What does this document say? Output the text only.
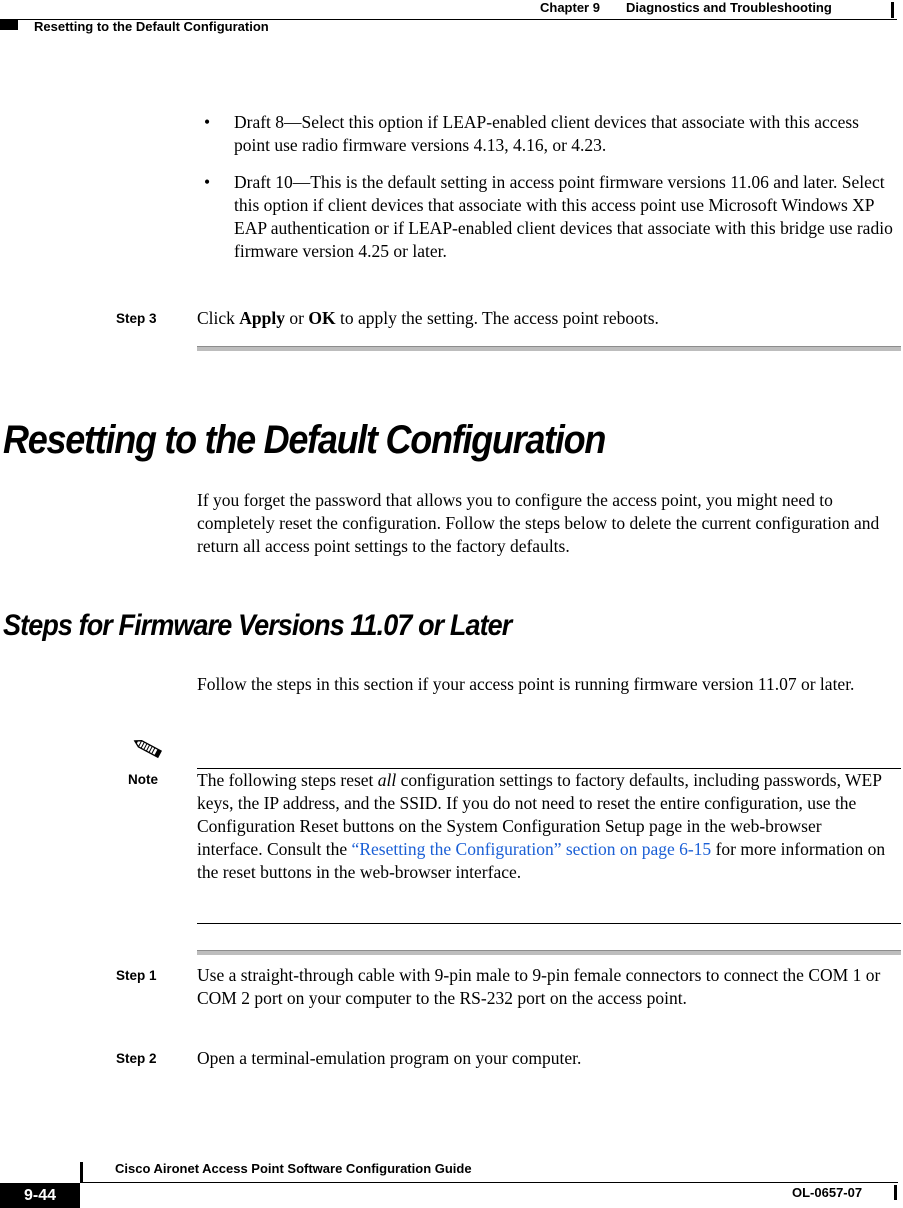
Chapter 9 Diagnostics and Troubleshooting
Resetting to the Default Configuration
• Draft 8—Select this option if LEAP-enabled client devices that associate with this access point use radio firmware versions 4.13, 4.16, or 4.23.
• Draft 10—This is the default setting in access point firmware versions 11.06 and later. Select this option if client devices that associate with this access point use Microsoft Windows XP EAP authentication or if LEAP-enabled client devices that associate with this bridge use radio firmware version 4.25 or later.
Step 3 Click Apply or OK to apply the setting. The access point reboots.
Resetting to the Default Configuration
If you forget the password that allows you to configure the access point, you might need to completely reset the configuration. Follow the steps below to delete the current configuration and return all access point settings to the factory defaults.
Steps for Firmware Versions 11.07 or Later
Follow the steps in this section if your access point is running firmware version 11.07 or later.
Note The following steps reset all configuration settings to factory defaults, including passwords, WEP keys, the IP address, and the SSID. If you do not need to reset the entire configuration, use the Configuration Reset buttons on the System Configuration Setup page in the web-browser interface. Consult the “Resetting the Configuration” section on page 6-15 for more information on the reset buttons in the web-browser interface.
Step 1 Use a straight-through cable with 9-pin male to 9-pin female connectors to connect the COM 1 or COM 2 port on your computer to the RS-232 port on the access point.
Step 2 Open a terminal-emulation program on your computer.
Cisco Aironet Access Point Software Configuration Guide
9-44	OL-0657-07
